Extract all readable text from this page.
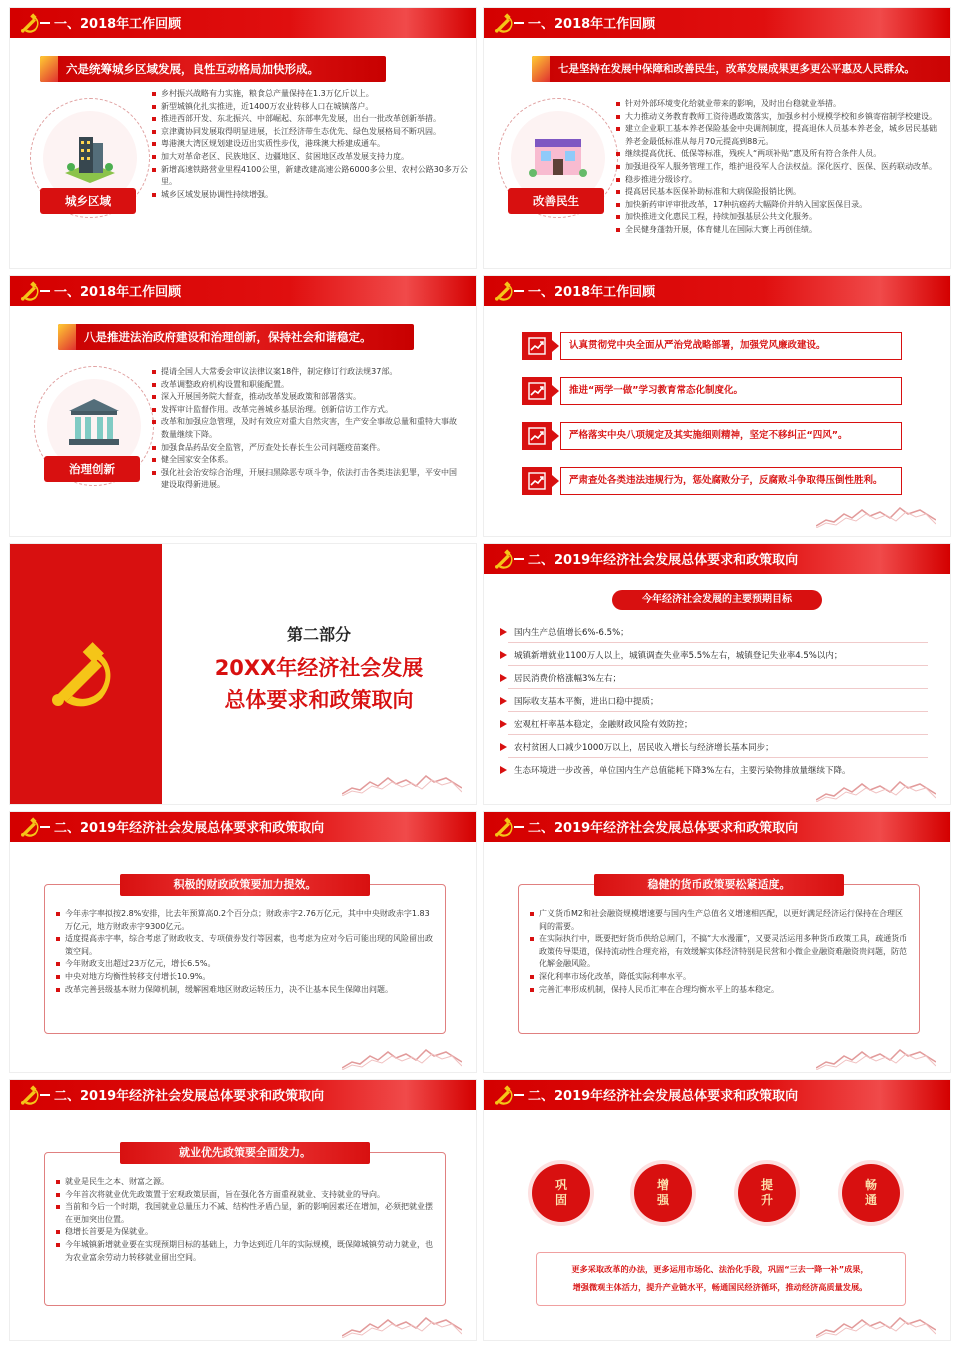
一、2018年工作回顾
六是统筹城乡区域发展，良性互动格局加快形成。
城乡区域
乡村振兴战略有力实施，粮食总产量保持在1.3万亿斤以上。
新型城镇化扎实推进，近1400万农业转移人口在城镇落户。
推进西部开发、东北振兴、中部崛起、东部率先发展，出台一批改革创新举措。
京津冀协同发展取得明显进展，长江经济带生态优先、绿色发展格局不断巩固。
粤港澳大湾区规划建设迈出实质性步伐，港珠澳大桥建成通车。
加大对革命老区、民族地区、边疆地区、贫困地区改革发展支持力度。
新增高速铁路营业里程4100公里，新建改建高速公路6000多公里、农村公路30多万公里。
城乡区域发展协调性持续增强。
一、2018年工作回顾
七是坚持在发展中保障和改善民生，改革发展成果更多更公平惠及人民群众。
改善民生
针对外部环境变化给就业带来的影响，及时出台稳就业举措。
大力推动义务教育教师工资待遇政策落实，加强乡村小规模学校和乡镇寄宿制学校建设。
建立企业职工基本养老保险基金中央调剂制度，提高退休人员基本养老金，城乡居民基础养老金最低标准从每月70元提高到88元。
继续提高优抚、低保等标准，残疾人“两项补贴”惠及所有符合条件人员。
加强退役军人服务管理工作，维护退役军人合法权益。深化医疗、医保、医药联动改革。
稳步推进分级诊疗。
提高居民基本医保补助标准和大病保险报销比例。
加快新药审评审批改革，17种抗癌药大幅降价并纳入国家医保目录。
加快推进文化惠民工程，持续加强基层公共文化服务。
全民健身蓬勃开展，体育健儿在国际大赛上再创佳绩。
一、2018年工作回顾
八是推进法治政府建设和治理创新，保持社会和谐稳定。
治理创新
提请全国人大常委会审议法律议案18件，制定修订行政法规37部。
改革调整政府机构设置和职能配置。
深入开展国务院大督查，推动改革发展政策和部署落实。
发挥审计监督作用。改革完善城乡基层治理。创新信访工作方式。
改革和加强应急管理，及时有效应对重大自然灾害，生产安全事故总量和重特大事故数量继续下降。
加强食品药品安全监管，严厉查处长春长生公司问题疫苗案件。
健全国家安全体系。
强化社会治安综合治理，开展扫黑除恶专项斗争，依法打击各类违法犯罪，平安中国建设取得新进展。
一、2018年工作回顾
认真贯彻党中央全面从严治党战略部署，加强党风廉政建设。
推进“两学一做”学习教育常态化制度化。
严格落实中央八项规定及其实施细则精神，坚定不移纠正“四风”。
严肃查处各类违法违规行为，惩处腐败分子，反腐败斗争取得压倒性胜利。
第二部分
20XX年经济社会发展
总体要求和政策取向
二、2019年经济社会发展总体要求和政策取向
今年经济社会发展的主要预期目标
国内生产总值增长6%-6.5%；
城镇新增就业1100万人以上，城镇调查失业率5.5%左右，城镇登记失业率4.5%以内；
居民消费价格涨幅3%左右；
国际收支基本平衡，进出口稳中提质；
宏观杠杆率基本稳定，金融财政风险有效防控；
农村贫困人口减少1000万以上，居民收入增长与经济增长基本同步；
生态环境进一步改善，单位国内生产总值能耗下降3%左右，主要污染物排放量继续下降。
二、2019年经济社会发展总体要求和政策取向
积极的财政政策要加力提效。
今年赤字率拟按2.8%安排，比去年预算高0.2个百分点；财政赤字2.76万亿元，其中中央财政赤字1.83万亿元，地方财政赤字9300亿元。
适度提高赤字率，综合考虑了财政收支、专项债券发行等因素，也考虑为应对今后可能出现的风险留出政策空间。
今年财政支出超过23万亿元，增长6.5%。
中央对地方均衡性转移支付增长10.9%。
改革完善县级基本财力保障机制，缓解困难地区财政运转压力，决不让基本民生保障出问题。
二、2019年经济社会发展总体要求和政策取向
稳健的货币政策要松紧适度。
广义货币M2和社会融资规模增速要与国内生产总值名义增速相匹配，以更好满足经济运行保持在合理区间的需要。
在实际执行中，既要把好货币供给总闸门，不搞“大水漫灌”，又要灵活运用多种货币政策工具，疏通货币政策传导渠道，保持流动性合理充裕，有效缓解实体经济特别是民营和小微企业融资难融资贵问题，防范化解金融风险。
深化利率市场化改革，降低实际利率水平。
完善汇率形成机制，保持人民币汇率在合理均衡水平上的基本稳定。
二、2019年经济社会发展总体要求和政策取向
就业优先政策要全面发力。
就业是民生之本、财富之源。
今年首次将就业优先政策置于宏观政策层面，旨在强化各方面重视就业、支持就业的导向。
当前和今后一个时期，我国就业总量压力不减、结构性矛盾凸显，新的影响因素还在增加，必须把就业摆在更加突出位置。
稳增长首要是为保就业。
今年城镇新增就业要在实现预期目标的基础上，力争达到近几年的实际规模，既保障城镇劳动力就业，也为农业富余劳动力转移就业留出空间。
二、2019年经济社会发展总体要求和政策取向
巩
固
增
强
提
升
畅
通
更多采取改革的办法，更多运用市场化、法治化手段，巩固“三去一降一补”成果，
增强微观主体活力，提升产业链水平，畅通国民经济循环，推动经济高质量发展。
